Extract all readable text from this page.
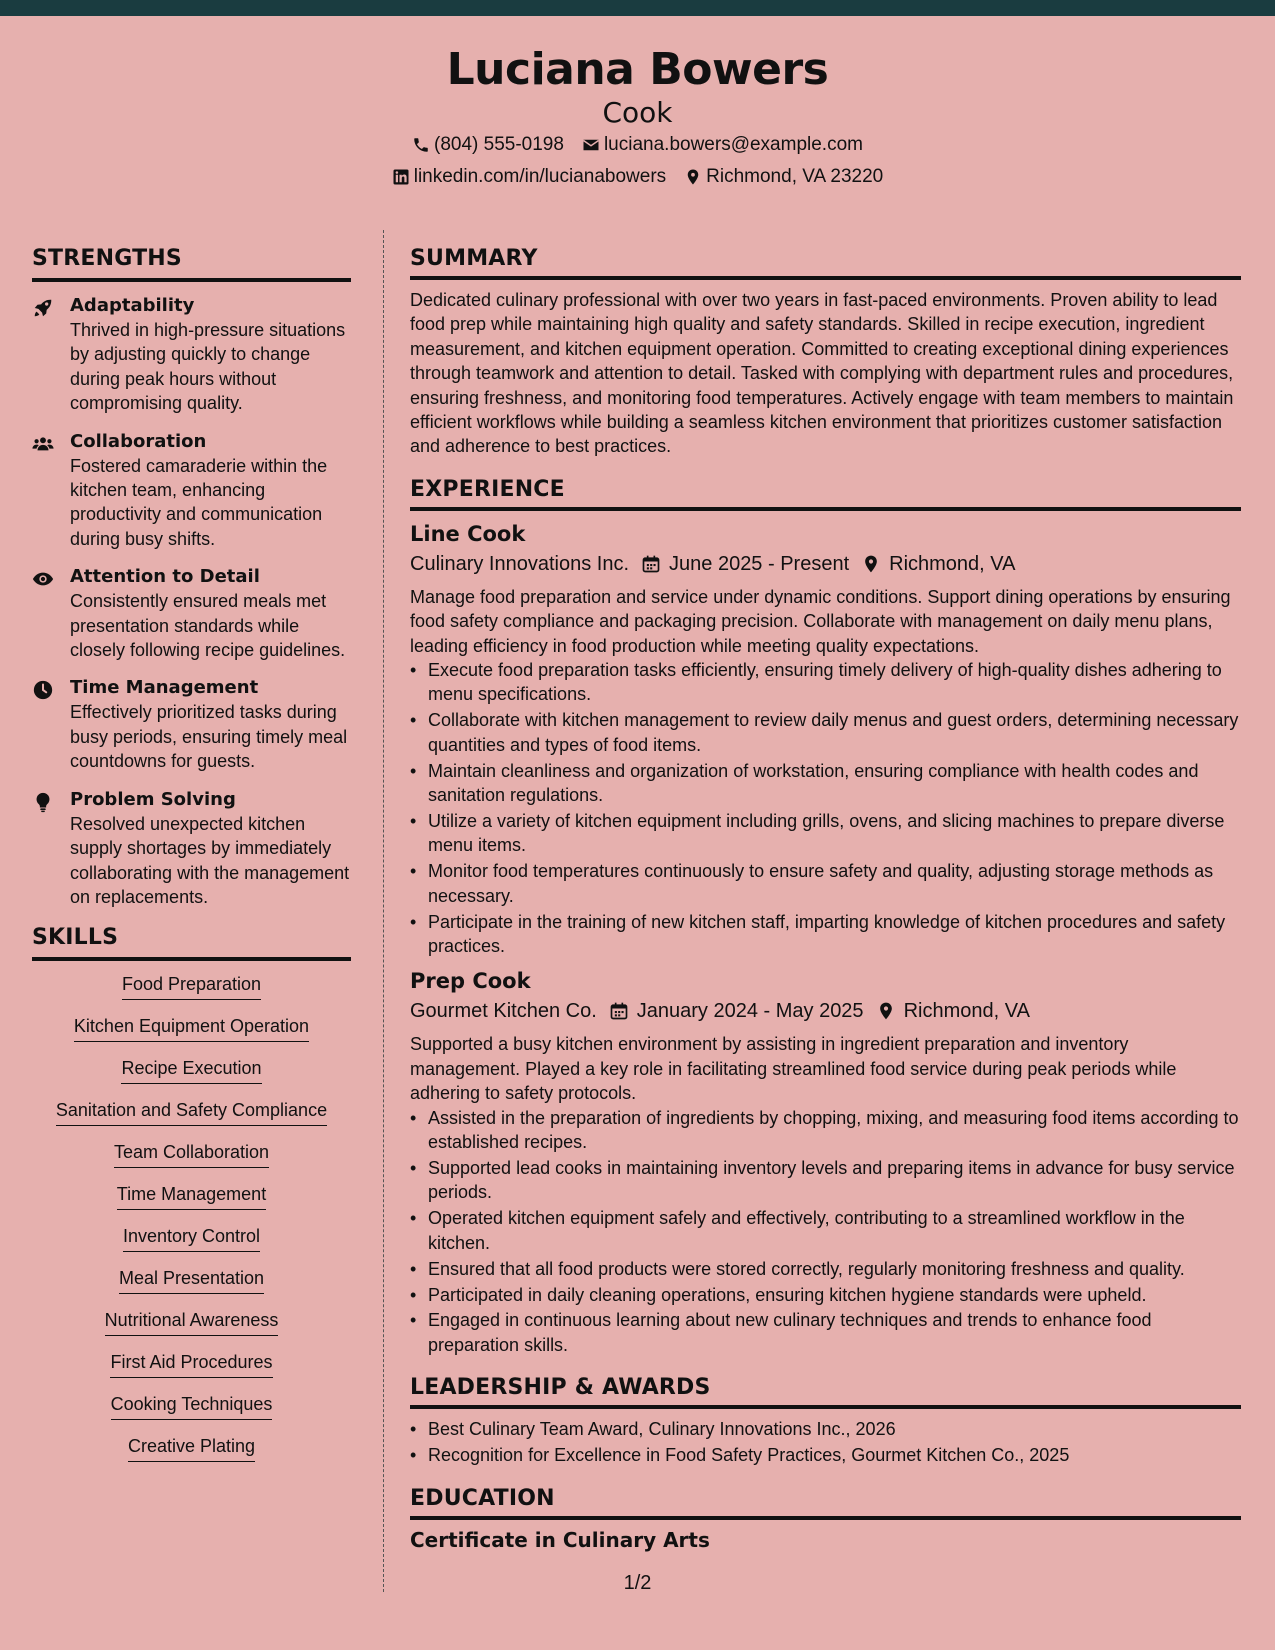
Luciana Bowers
Cook
(804) 555-0198 luciana.bowers@example.com
linkedin.com/in/lucianabowers Richmond, VA 23220
STRENGTHS
Adaptability
Thrived in high-pressure situations by adjusting quickly to change during peak hours without compromising quality.
Collaboration
Fostered camaraderie within the kitchen team, enhancing productivity and communication during busy shifts.
Attention to Detail
Consistently ensured meals met presentation standards while closely following recipe guidelines.
Time Management
Effectively prioritized tasks during busy periods, ensuring timely meal countdowns for guests.
Problem Solving
Resolved unexpected kitchen supply shortages by immediately collaborating with the management on replacements.
SKILLS
Food Preparation
Kitchen Equipment Operation
Recipe Execution
Sanitation and Safety Compliance
Team Collaboration
Time Management
Inventory Control
Meal Presentation
Nutritional Awareness
First Aid Procedures
Cooking Techniques
Creative Plating
SUMMARY
Dedicated culinary professional with over two years in fast-paced environments. Proven ability to lead food prep while maintaining high quality and safety standards. Skilled in recipe execution, ingredient measurement, and kitchen equipment operation. Committed to creating exceptional dining experiences through teamwork and attention to detail. Tasked with complying with department rules and procedures, ensuring freshness, and monitoring food temperatures. Actively engage with team members to maintain efficient workflows while building a seamless kitchen environment that prioritizes customer satisfaction and adherence to best practices.
EXPERIENCE
Line Cook
Culinary Innovations Inc. June 2025 - Present Richmond, VA
Manage food preparation and service under dynamic conditions. Support dining operations by ensuring food safety compliance and packaging precision. Collaborate with management on daily menu plans, leading efficiency in food production while meeting quality expectations.
• Execute food preparation tasks efficiently, ensuring timely delivery of high-quality dishes adhering to menu specifications.
• Collaborate with kitchen management to review daily menus and guest orders, determining necessary quantities and types of food items.
• Maintain cleanliness and organization of workstation, ensuring compliance with health codes and sanitation regulations.
• Utilize a variety of kitchen equipment including grills, ovens, and slicing machines to prepare diverse menu items.
• Monitor food temperatures continuously to ensure safety and quality, adjusting storage methods as necessary.
• Participate in the training of new kitchen staff, imparting knowledge of kitchen procedures and safety practices.
Prep Cook
Gourmet Kitchen Co. January 2024 - May 2025 Richmond, VA
Supported a busy kitchen environment by assisting in ingredient preparation and inventory management. Played a key role in facilitating streamlined food service during peak periods while adhering to safety protocols.
• Assisted in the preparation of ingredients by chopping, mixing, and measuring food items according to established recipes.
• Supported lead cooks in maintaining inventory levels and preparing items in advance for busy service periods.
• Operated kitchen equipment safely and effectively, contributing to a streamlined workflow in the kitchen.
• Ensured that all food products were stored correctly, regularly monitoring freshness and quality.
• Participated in daily cleaning operations, ensuring kitchen hygiene standards were upheld.
• Engaged in continuous learning about new culinary techniques and trends to enhance food preparation skills.
LEADERSHIP & AWARDS
• Best Culinary Team Award, Culinary Innovations Inc., 2026
• Recognition for Excellence in Food Safety Practices, Gourmet Kitchen Co., 2025
EDUCATION
Certificate in Culinary Arts
1/2
